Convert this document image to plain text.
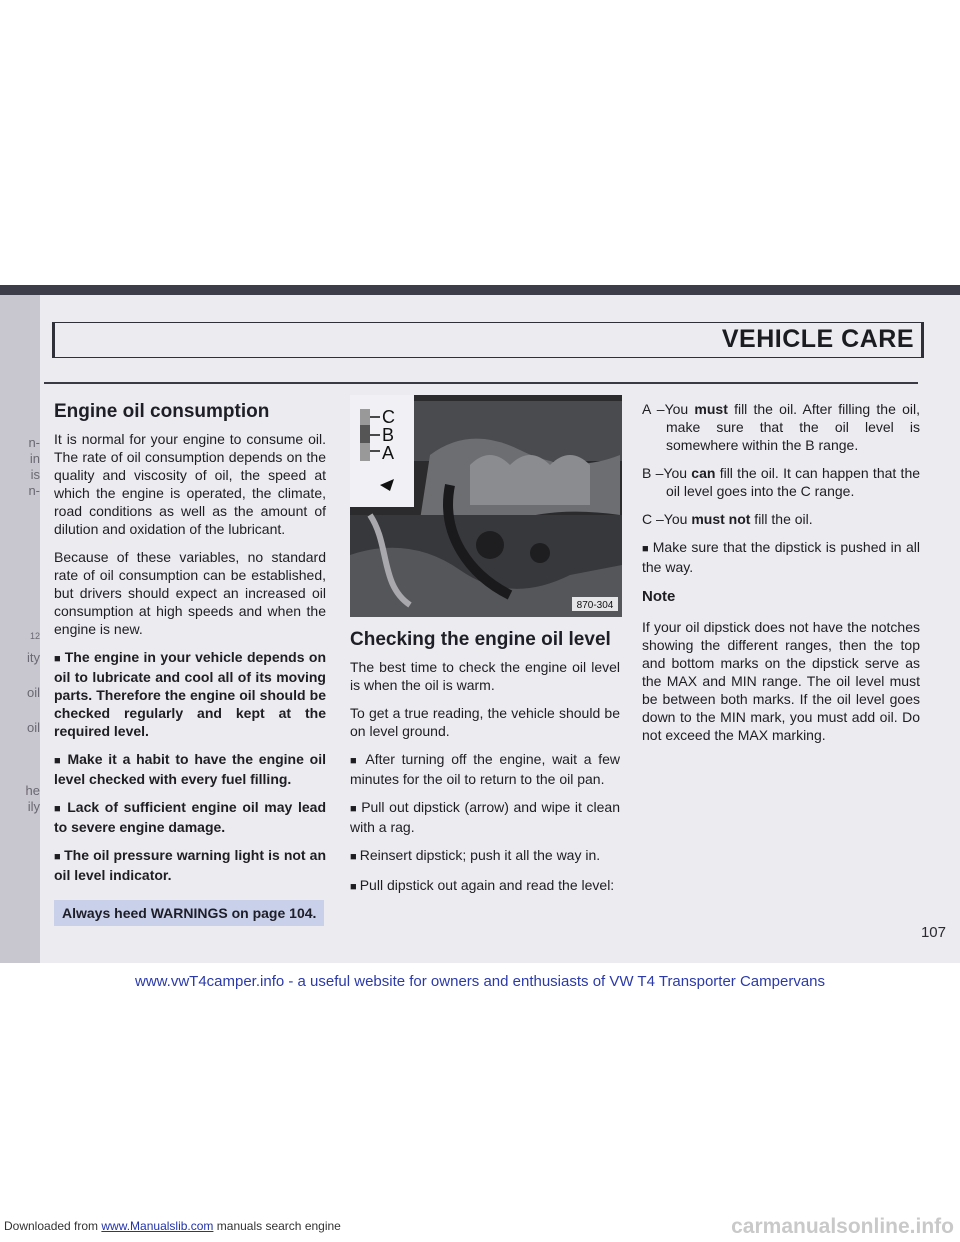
Downloaded from www.Manualslib.com manuals search engine
n-
in
is
n-
12
ity
oil
oil
he
ily
VEHICLE CARE
Engine oil consumption

It is normal for your engine to consume oil. The rate of oil consumption depends on the quality and viscosity of oil, the speed at which the engine is operated, the climate, road conditions as well as the amount of dilution and oxidation of the lubricant.

Because of these variables, no standard rate of oil consumption can be established, but drivers should expect an increased oil consumption at high speeds and when the engine is new.

■ The engine in your vehicle depends on oil to lubricate and cool all of its moving parts. Therefore the engine oil should be checked regularly and kept at the required level.

■ Make it a habit to have the engine oil level checked with every fuel filling.

■ Lack of sufficient engine oil may lead to severe engine damage.

■ The oil pressure warning light is not an oil level indicator.

Always heed WARNINGS on page 104.
C
B
A
870-304
Checking the engine oil level

The best time to check the engine oil level is when the oil is warm.

To get a true reading, the vehicle should be on level ground.

■ After turning off the engine, wait a few minutes for the oil to return to the oil pan.

■ Pull out dipstick (arrow) and wipe it clean with a rag.

■ Reinsert dipstick; push it all the way in.

■ Pull dipstick out again and read the level:

A –You must fill the oil. After filling the oil, make sure that the oil level is somewhere within the B range.

B –You can fill the oil. It can happen that the oil level goes into the C range.

C –You must not fill the oil.

■ Make sure that the dipstick is pushed in all the way.

Note

If your oil dipstick does not have the notches showing the different ranges, then the top and bottom marks on the dipstick serve as the MAX and MIN range. The oil level must be between both marks. If the oil level goes down to the MIN mark, you must add oil. Do not exceed the MAX marking.

107
www.vwT4camper.info - a useful website for owners and enthusiasts of VW T4 Transporter Campervans
carmanualsonline.info
